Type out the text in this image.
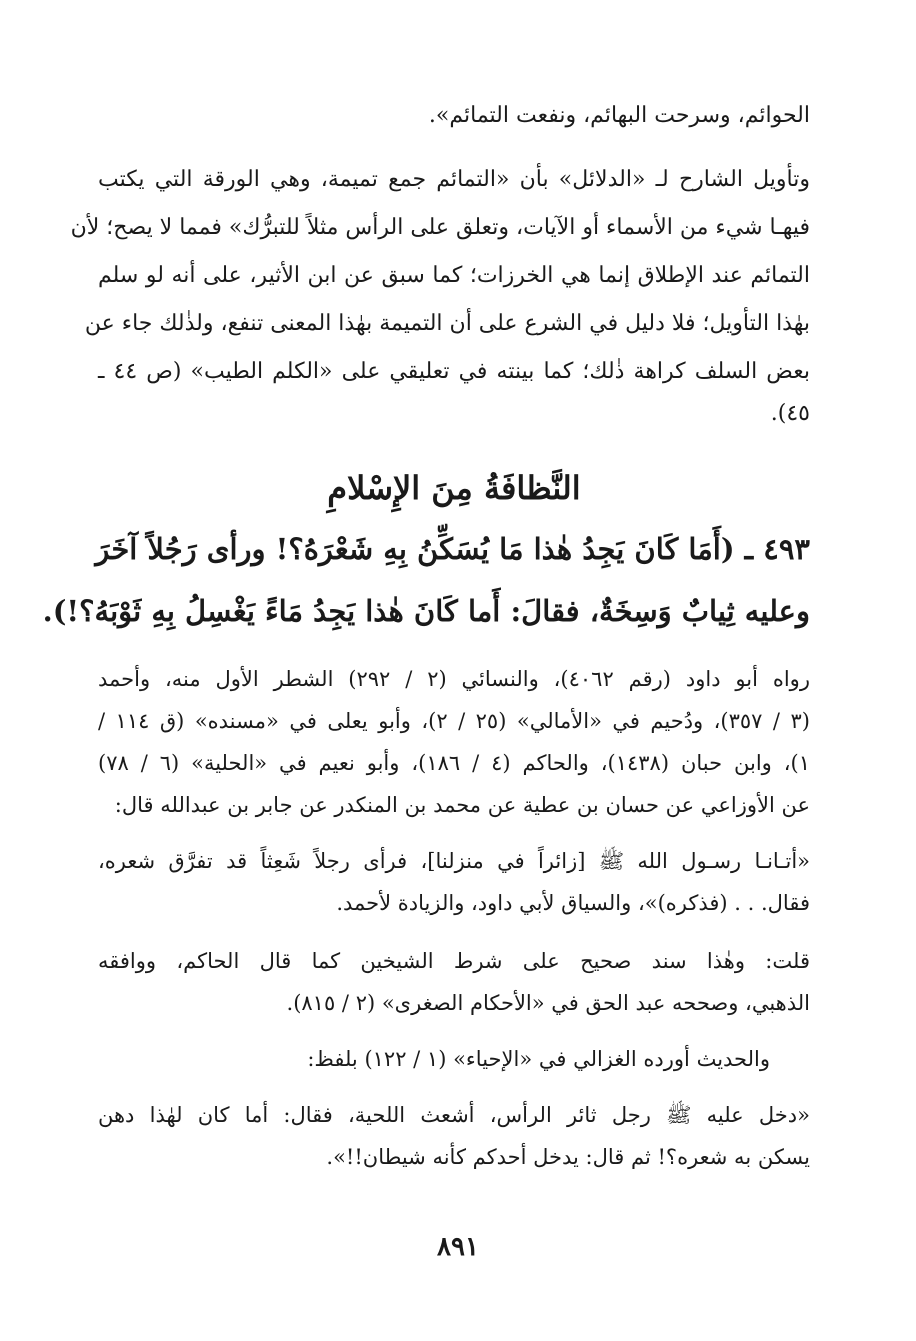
الحوائم، وسرحت البهائم، ونفعت التمائم».
وتأويل الشارح لـ «الدلائل» بأن «التمائم جمع تميمة، وهي الورقة التي يكتب
فيهـا شيء من الأسماء أو الآيات، وتعلق على الرأس مثلاً للتبرُّك» فمما لا يصح؛ لأن
التمائم عند الإطلاق إنما هي الخرزات؛ كما سبق عن ابن الأثير، على أنه لو سلم
بهٰذا التأويل؛ فلا دليل في الشرع على أن التميمة بهٰذا المعنى تنفع، ولذٰلك جاء عن
بعض السلف كراهة ذٰلك؛ كما بينته في تعليقي على «الكلم الطيب» (ص ٤٤ ـ
٤٥).
النَّظافَةُ مِنَ الإِسْلامِ
٤٩٣ ـ (أَمَا كَانَ يَجِدُ هٰذا مَا يُسَكِّنُ بِهِ شَعْرَهُ؟! ورأى رَجُلاً آخَرَ
وعليه ثِيابٌ وَسِخَةٌ، فقالَ: أَما كَانَ هٰذا يَجِدُ مَاءً يَغْسِلُ بِهِ ثَوْبَهُ؟!).
رواه أبو داود (رقم ٤٠٦٢)، والنسائي (٢ / ٢٩٢) الشطر الأول منه، وأحمد
(٣ / ٣٥٧)، ودُحيم في «الأمالي» (٢٥ / ٢)، وأبو يعلى في «مسنده» (ق ١١٤ /
١)، وابن حبان (١٤٣٨)، والحاكم (٤ / ١٨٦)، وأبو نعيم في «الحلية» (٦ / ٧٨)
عن الأوزاعي عن حسان بن عطية عن محمد بن المنكدر عن جابر بن عبدالله قال:
«أتـانـا رسـول الله ﷺ [زائراً في منزلنا]، فرأى رجلاً شَعِثاً قد تفرَّق شعره،
فقال. . . (فذكره)»، والسياق لأبي داود، والزيادة لأحمد.
قلت: وهٰذا سند صحيح على شرط الشيخين كما قال الحاكم، ووافقه
الذهبي، وصححه عبد الحق في «الأحكام الصغرى» (٢ / ٨١٥).
والحديث أورده الغزالي في «الإحياء» (١ / ١٢٢) بلفظ:
«دخل عليه ﷺ رجل ثائر الرأس، أشعث اللحية، فقال: أما كان لهٰذا دهن
يسكن به شعره؟! ثم قال: يدخل أحدكم كأنه شيطان!!».
٨٩١
